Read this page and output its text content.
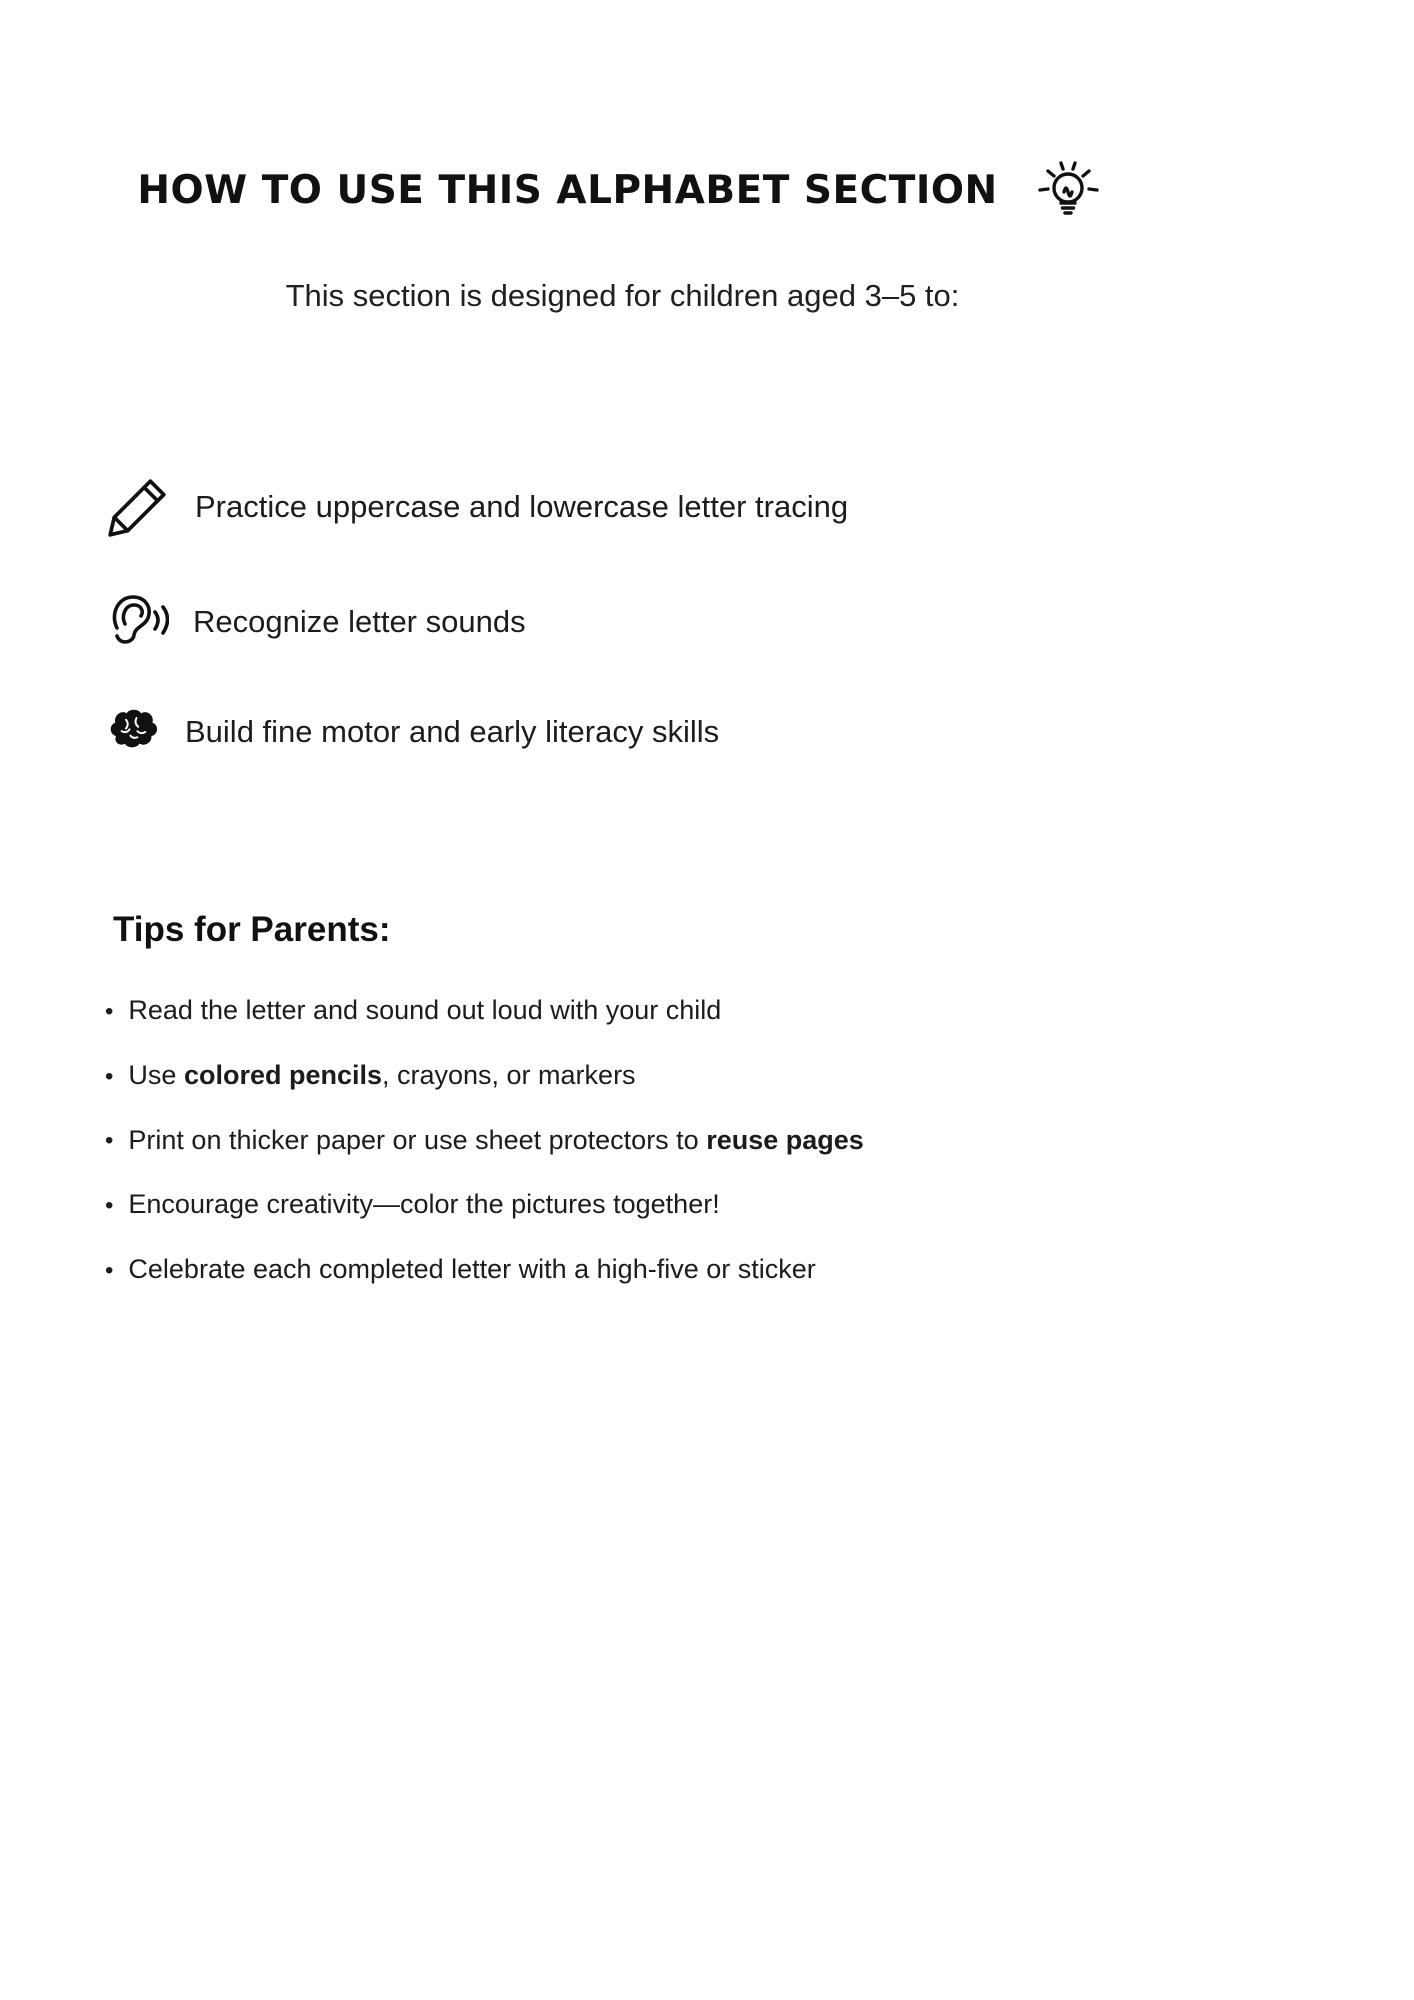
HOW TO USE THIS ALPHABET SECTION

This section is designed for children aged 3–5 to:

Practice uppercase and lowercase letter tracing
Recognize letter sounds
Build fine motor and early literacy skills
Tips for Parents:
• Read the letter and sound out loud with your child
• Use colored pencils, crayons, or markers
• Print on thicker paper or use sheet protectors to reuse pages
• Encourage creativity—color the pictures together!
• Celebrate each completed letter with a high-five or sticker
